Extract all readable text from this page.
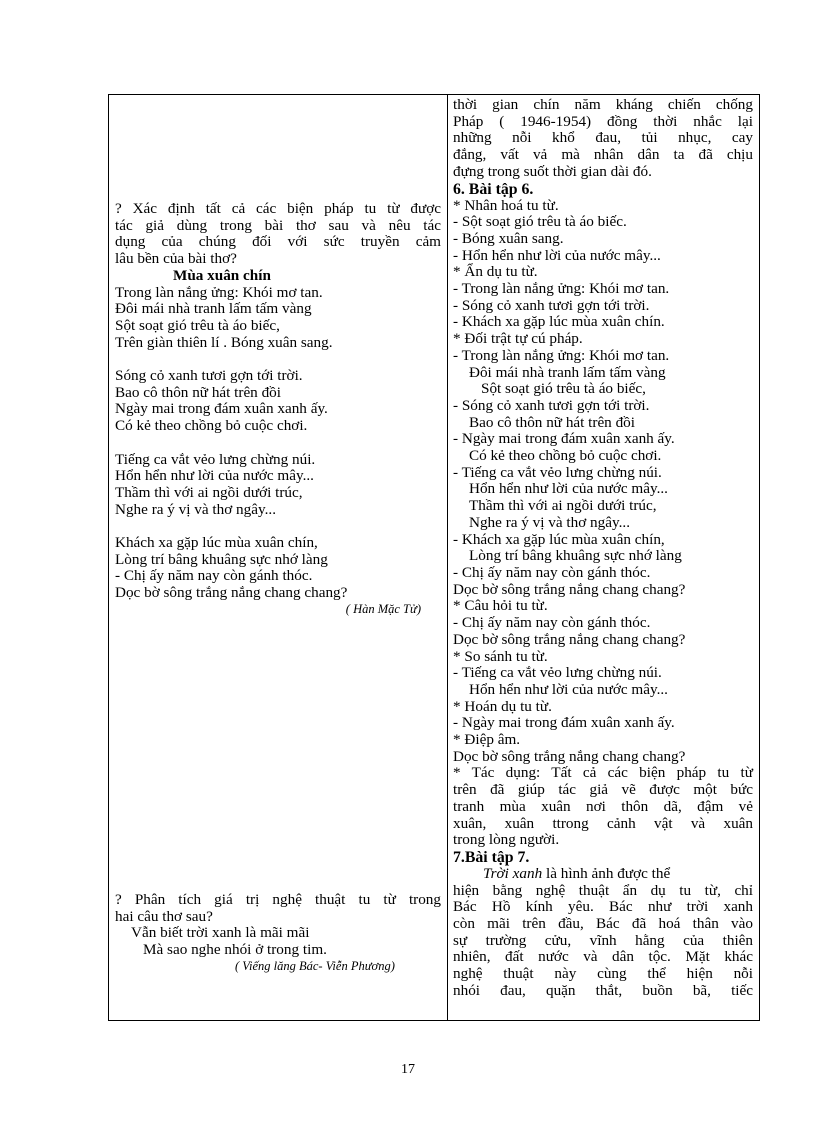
? Xác định tất cả các biện pháp tu từ được
tác giả dùng trong bài thơ sau và nêu tác
dụng của chúng đối với sức truyền cảm
lâu bền của bài thơ?
Mùa xuân chín
Trong làn nắng ửng: Khói mơ tan.
Đôi mái nhà tranh lấm tấm vàng
Sột soạt gió trêu tà áo biếc,
Trên giàn thiên lí . Bóng xuân sang.
Sóng cỏ xanh tươi gợn tới trời.
Bao cô thôn nữ hát trên đồi
Ngày mai trong đám xuân xanh ấy.
Có kẻ theo chồng bỏ cuộc chơi.
Tiếng ca vắt vẻo lưng chừng núi.
Hổn hển như lời của nước mây...
Thầm thì với ai ngồi dưới trúc,
Nghe ra ý vị và thơ ngây...
Khách xa gặp lúc mùa xuân chín,
Lòng trí bâng khuâng sực nhớ làng
- Chị ấy năm nay còn gánh thóc.
Dọc bờ sông trắng nắng chang chang?
( Hàn Mặc Tử)
? Phân tích giá trị nghệ thuật tu từ trong
hai câu thơ sau?
Vẫn biết trời xanh là mãi mãi
Mà sao nghe nhói ở trong tim.
( Viếng lăng Bác- Viễn Phương)
thời gian chín năm kháng chiến chống
Pháp ( 1946-1954) đồng thời nhắc lại
những nỗi khổ đau, tủi nhục, cay
đắng, vất vả mà nhân dân ta đã chịu
đựng trong suốt thời gian dài đó.
6. Bài tập 6.
* Nhân hoá tu từ.
- Sột soạt gió trêu tà áo biếc.
- Bóng xuân sang.
- Hổn hển như lời của nước mây...
* Ẩn dụ tu từ.
- Trong làn nắng ửng: Khói mơ tan.
- Sóng cỏ xanh tươi gợn tới trời.
- Khách xa gặp lúc mùa xuân chín.
* Đối trật tự cú pháp.
- Trong làn nắng ửng: Khói mơ tan.
Đôi mái nhà tranh lấm tấm vàng
Sột soạt gió trêu tà áo biếc,
- Sóng cỏ xanh tươi gợn tới trời.
Bao cô thôn nữ hát trên đồi
- Ngày mai trong đám xuân xanh ấy.
Có kẻ theo chồng bỏ cuộc chơi.
- Tiếng ca vắt vẻo lưng chừng núi.
Hổn hển như lời của nước mây...
Thầm thì với ai ngồi dưới trúc,
Nghe ra ý vị và thơ ngây...
- Khách xa gặp lúc mùa xuân chín,
Lòng trí bâng khuâng sực nhớ làng
- Chị ấy năm nay còn gánh thóc.
Dọc bờ sông trắng nắng chang chang?
* Câu hỏi tu từ.
- Chị ấy năm nay còn gánh thóc.
Dọc bờ sông trắng nắng chang chang?
* So sánh tu từ.
- Tiếng ca vắt vẻo lưng chừng núi.
Hổn hển như lời của nước mây...
* Hoán dụ tu từ.
- Ngày mai trong đám xuân xanh ấy.
* Điệp âm.
Dọc bờ sông trắng nắng chang chang?
* Tác dụng: Tất cả các biện pháp tu từ
trên đã giúp tác giả vẽ được một bức
tranh mùa xuân nơi thôn dã, đậm vẻ
xuân, xuân ttrong cảnh vật và xuân
trong lòng người.
7.Bài tập 7.
Trời xanh là hình ảnh được thể
hiện bằng nghệ thuật ẩn dụ tu từ, chỉ
Bác Hồ kính yêu. Bác như trời xanh
còn mãi trên đầu, Bác đã hoá thân vào
sự trường cửu, vĩnh hằng của thiên
nhiên, đất nước và dân tộc. Mặt khác
nghệ thuật này cùng thể hiện nỗi
nhói đau, quặn thắt, buồn bã, tiếc
17
